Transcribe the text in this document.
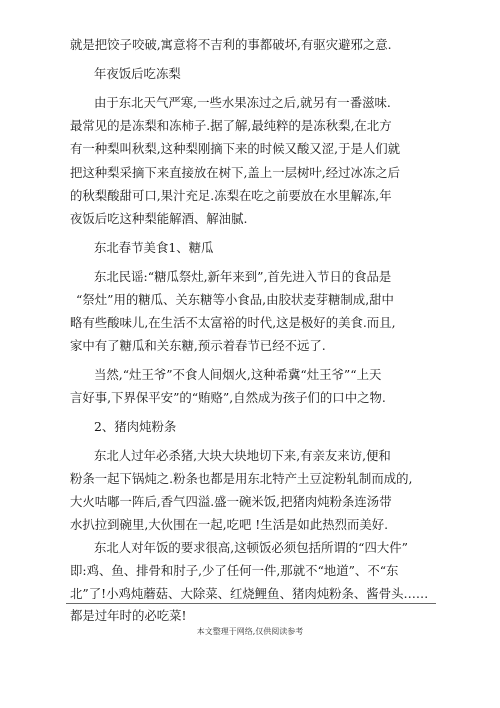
就是把饺子咬破,寓意将不吉利的事都破坏,有驱灾避邪之意.
年夜饭后吃冻梨
由于东北天气严寒,一些水果冻过之后,就另有一番滋味.
最常见的是冻梨和冻柿子.据了解,最纯粹的是冻秋梨,在北方
有一种梨叫秋梨,这种梨刚摘下来的时候又酸又涩,于是人们就
把这种梨采摘下来直接放在树下,盖上一层树叶,经过冰冻之后
的秋梨酸甜可口,果汁充足.冻梨在吃之前要放在水里解冻,年
夜饭后吃这种梨能解酒、解油腻.
东北春节美食1、糖瓜
东北民谣:“糖瓜祭灶,新年来到”,首先进入节日的食品是
“祭灶”用的糖瓜、关东糖等小食品,由胶状麦芽糖制成,甜中
略有些酸味儿,在生活不太富裕的时代,这是极好的美食.而且,
家中有了糖瓜和关东糖,预示着春节已经不远了.
当然,“灶王爷”不食人间烟火,这种希冀“灶王爷”“上天
言好事,下界保平安”的“贿赂”,自然成为孩子们的口中之物.
2、猪肉炖粉条
东北人过年必杀猪,大块大块地切下来,有亲友来访,便和
粉条一起下锅炖之.粉条也都是用东北特产土豆淀粉轧制而成的,
大火咕嘟一阵后,香气四溢.盛一碗米饭,把猪肉炖粉条连汤带
水扒拉到碗里,大伙围在一起,吃吧 !生活是如此热烈而美好.
东北人对年饭的要求很高,这顿饭必须包括所谓的“四大件”
即:鸡、鱼、排骨和肘子,少了任何一件,那就不“地道”、不“东
北”了!小鸡炖蘑菇、大除菜、红烧鲤鱼、猪肉炖粉条、酱骨头……
都是过年时的必吃菜!
本文整理于网络,仅供阅读参考
